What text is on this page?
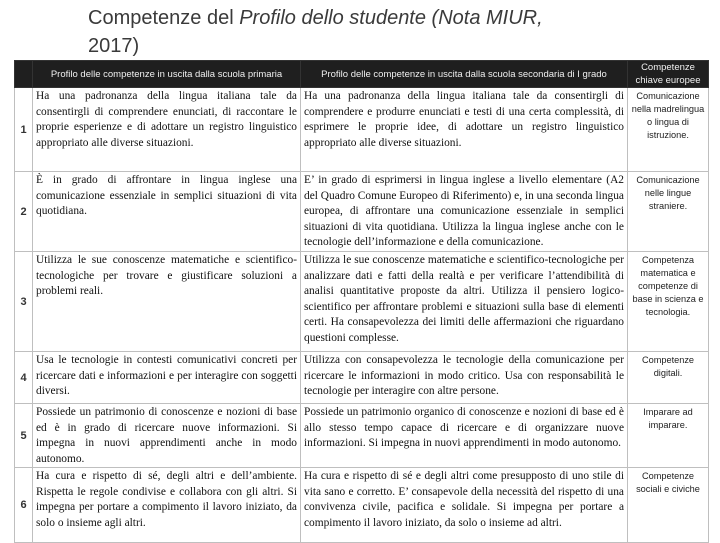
Competenze del Profilo dello studente (Nota MIUR,
2017)
	Profilo delle competenze in uscita dalla scuola primaria	Profilo delle competenze in uscita dalla scuola secondaria di I grado	Competenze chiave europee
1	Ha una padronanza della lingua italiana tale da consentirgli di comprendere enunciati, di raccontare le proprie esperienze e di adottare un registro linguistico appropriato alle diverse situazioni.	Ha una padronanza della lingua italiana tale da consentirgli di comprendere e produrre enunciati e testi di una certa complessità, di esprimere le proprie idee, di adottare un registro linguistico appropriato alle diverse situazioni.	Comunicazione nella madrelingua o lingua di istruzione.
2	È in grado di affrontare in lingua inglese una comunicazione essenziale in semplici situazioni di vita quotidiana.	E’ in grado di esprimersi in lingua inglese a livello elementare (A2 del Quadro Comune Europeo di Riferimento) e, in una seconda lingua europea, di affrontare una comunicazione essenziale in semplici situazioni di vita quotidiana. Utilizza la lingua inglese anche con le tecnologie dell’informazione e della comunicazione.	Comunicazione nelle lingue straniere.
3	Utilizza le sue conoscenze matematiche e scientifico-tecnologiche per trovare e giustificare soluzioni a problemi reali.	Utilizza le sue conoscenze matematiche e scientifico-tecnologiche per analizzare dati e fatti della realtà e per verificare l’attendibilità di analisi quantitative proposte da altri. Utilizza il pensiero logico-scientifico per affrontare problemi e situazioni sulla base di elementi certi. Ha consapevolezza dei limiti delle affermazioni che riguardano questioni complesse.	Competenza matematica e competenze di base in scienza e tecnologia.
4	Usa le tecnologie in contesti comunicativi concreti per ricercare dati e informazioni e per interagire con soggetti diversi.	Utilizza con consapevolezza le tecnologie della comunicazione per ricercare le informazioni in modo critico. Usa con responsabilità le tecnologie per interagire con altre persone.	Competenze digitali.
5	Possiede un patrimonio di conoscenze e nozioni di base ed è in grado di ricercare nuove informazioni. Si impegna in nuovi apprendimenti anche in modo autonomo.	Possiede un patrimonio organico di conoscenze e nozioni di base ed è allo stesso tempo capace di ricercare e di organizzare nuove informazioni. Si impegna in nuovi apprendimenti in modo autonomo.	Imparare ad imparare.
6	Ha cura e rispetto di sé, degli altri e dell’ambiente. Rispetta le regole condivise e collabora con gli altri. Si impegna per portare a compimento il lavoro iniziato, da solo o insieme agli altri.	Ha cura e rispetto di sé e degli altri come presupposto di uno stile di vita sano e corretto. E’ consapevole della necessità del rispetto di una convivenza civile, pacifica e solidale. Si impegna per portare a compimento il lavoro iniziato, da solo o insieme ad altri.	Competenze sociali e civiche
